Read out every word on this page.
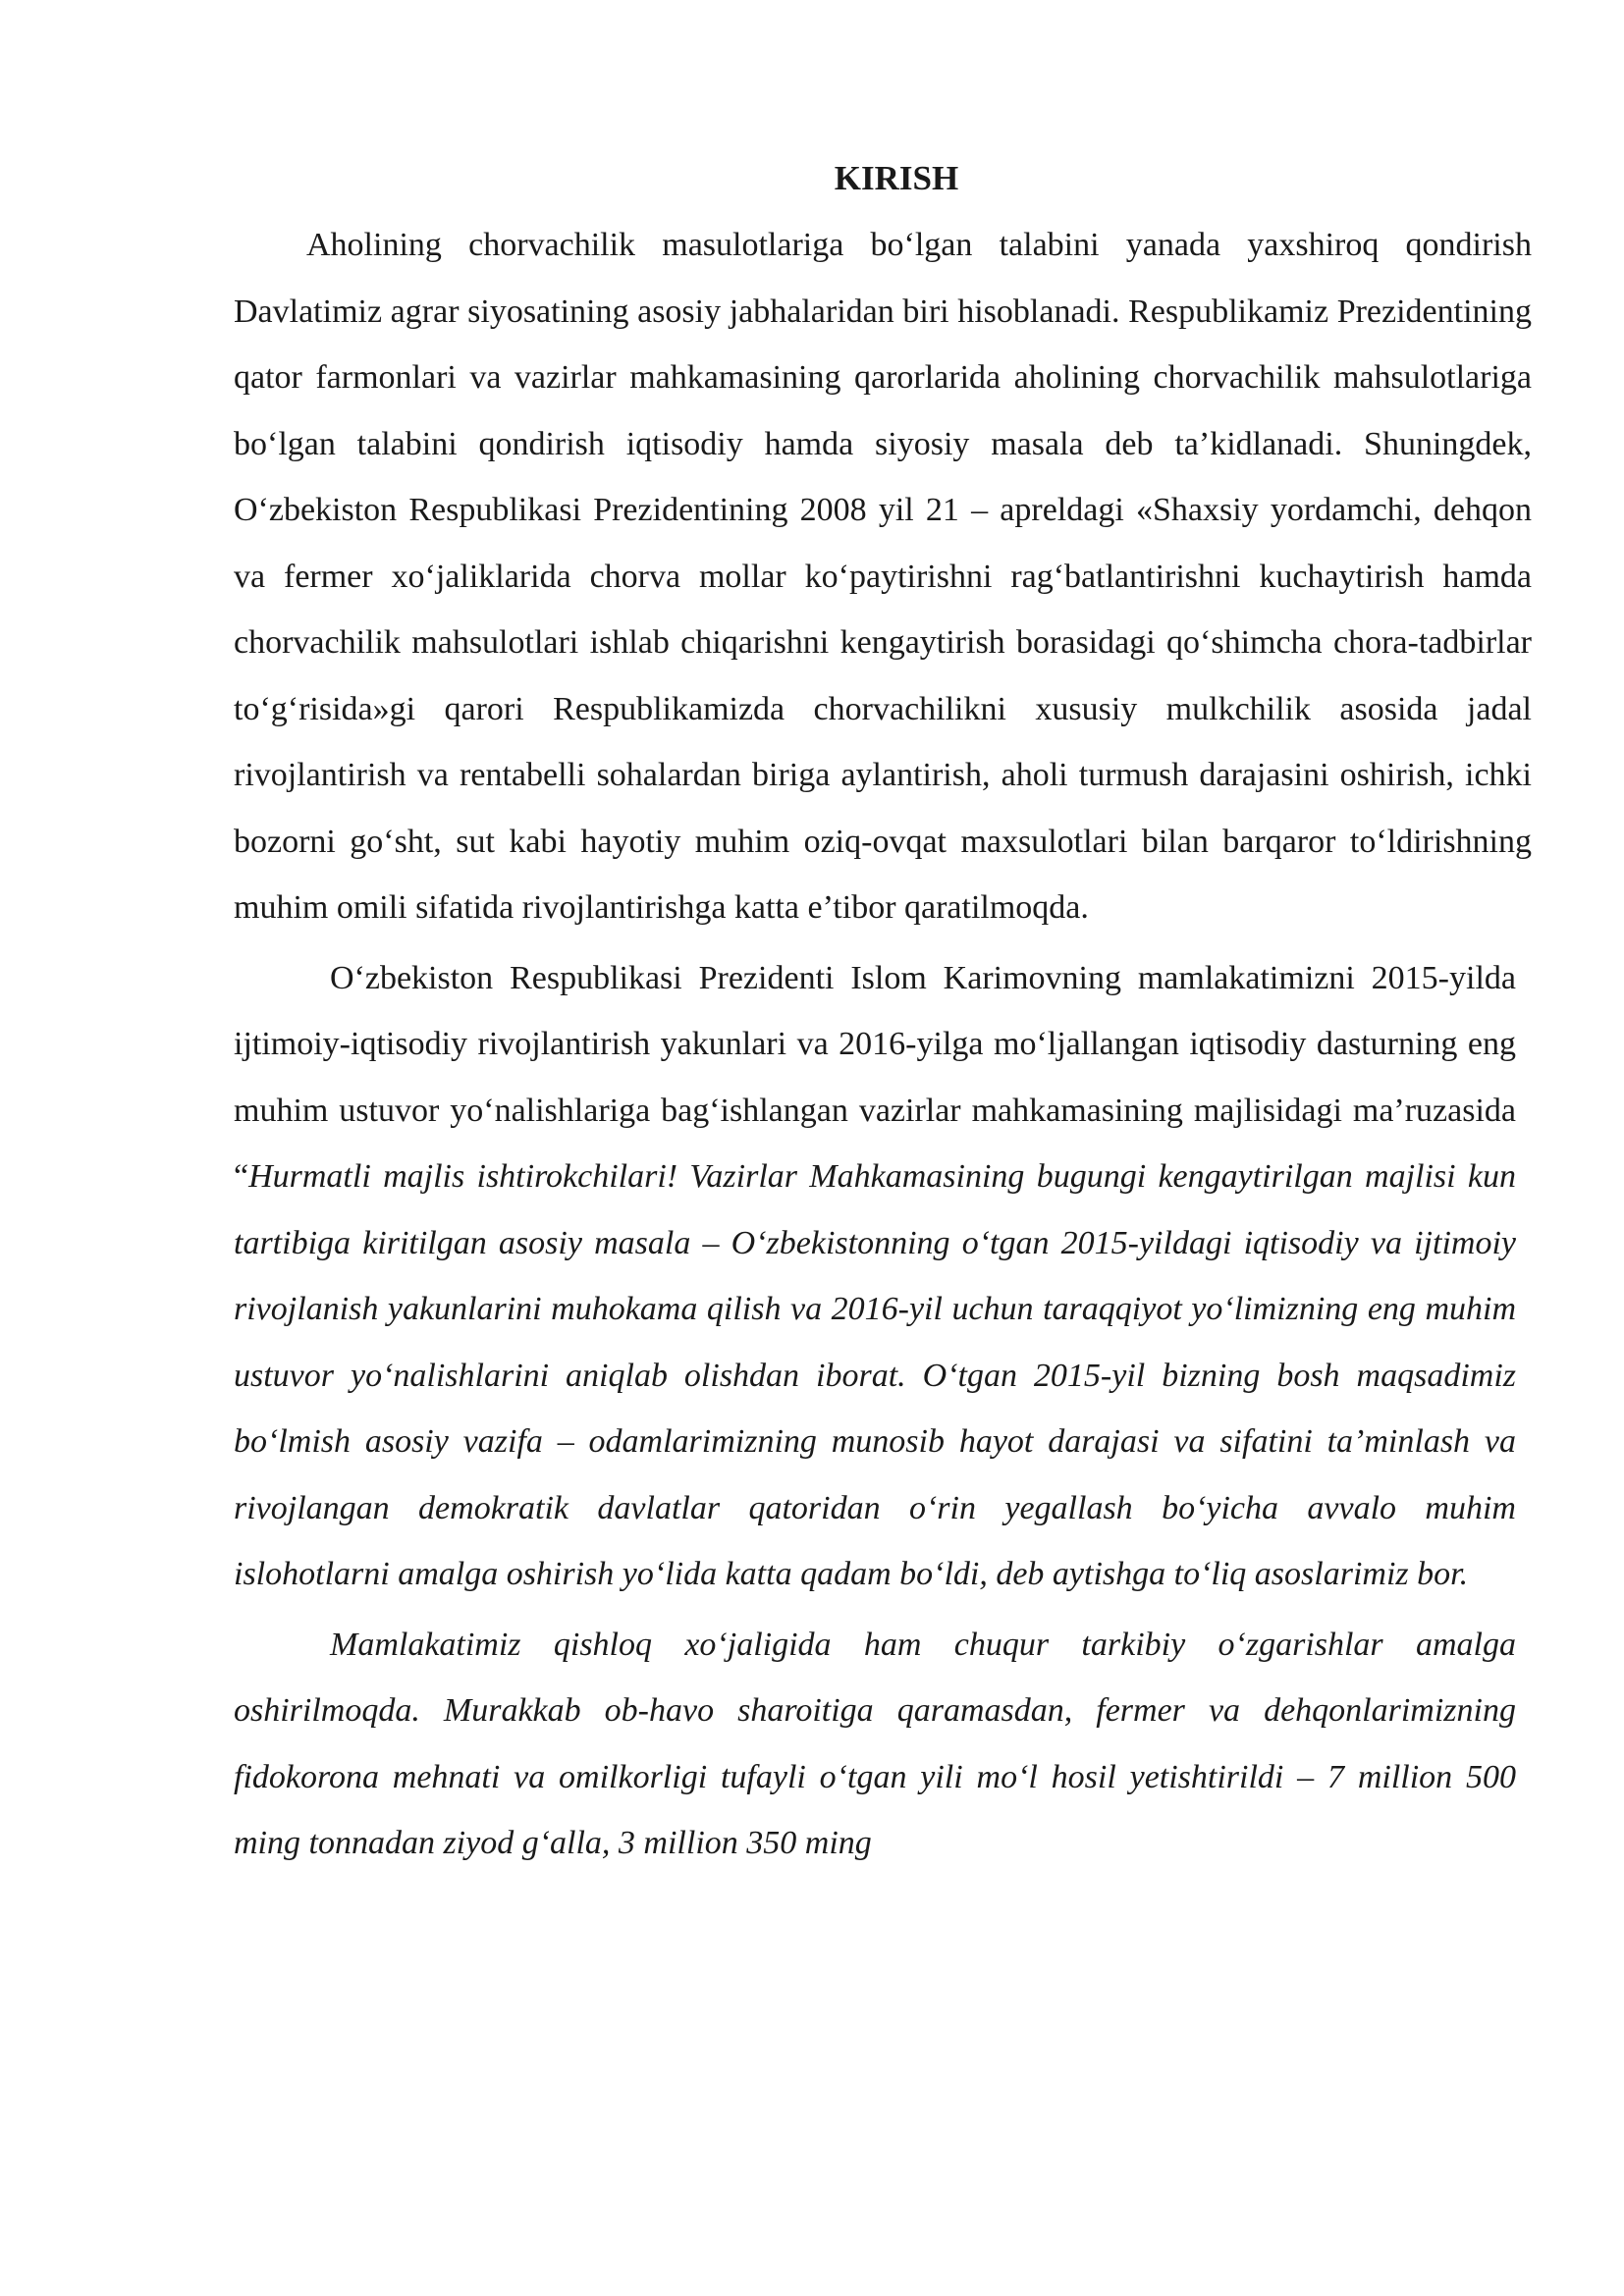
KIRISH

Aholining chorvachilik masulotlariga bo‘lgan talabini yanada yaxshiroq qondirish Davlatimiz agrar siyosatining asosiy jabhalaridan biri hisoblanadi. Respublikamiz Prezidentining qator farmonlari va vazirlar mahkamasining qarorlarida aholining chorvachilik mahsulotlariga bo‘lgan talabini qondirish iqtisodiy hamda siyosiy masala deb ta’kidlanadi. Shuningdek, O‘zbekiston Respublikasi Prezidentining 2008 yil 21 – apreldagi «Shaxsiy yordamchi, dehqon va fermer xo‘jaliklarida chorva mollar ko‘paytirishni rag‘batlantirishni kuchaytirish hamda chorvachilik mahsulotlari ishlab chiqarishni kengaytirish borasidagi qo‘shimcha chora-tadbirlar to‘g‘risida»gi qarori Respublikamizda chorvachilikni xususiy mulkchilik asosida jadal rivojlantirish va rentabelli sohalardan biriga aylantirish, aholi turmush darajasini oshirish, ichki bozorni go‘sht, sut kabi hayotiy muhim oziq-ovqat maxsulotlari bilan barqaror to‘ldirishning muhim omili sifatida rivojlantirishga katta e’tibor qaratilmoqda.

O‘zbekiston Respublikasi Prezidenti Islom Karimovning mamlakatimizni 2015-yilda ijtimoiy-iqtisodiy rivojlantirish yakunlari va 2016-yilga mo‘ljallangan iqtisodiy dasturning eng muhim ustuvor yo‘nalishlariga bag‘ishlangan vazirlar mahkamasining majlisidagi ma’ruzasida “Hurmatli majlis ishtirokchilari! Vazirlar Mahkamasining bugungi kengaytirilgan majlisi kun tartibiga kiritilgan asosiy masala – O‘zbekistonning o‘tgan 2015-yildagi iqtisodiy va ijtimoiy rivojlanish yakunlarini muhokama qilish va 2016-yil uchun taraqqiyot yo‘limizning eng muhim ustuvor yo‘nalishlarini aniqlab olishdan iborat. O‘tgan 2015-yil bizning bosh maqsadimiz bo‘lmish asosiy vazifa – odamlarimizning munosib hayot darajasi va sifatini ta’minlash va rivojlangan demokratik davlatlar qatoridan o‘rin yegallash bo‘yicha avvalo muhim islohotlarni amalga oshirish yo‘lida katta qadam bo‘ldi, deb aytishga to‘liq asoslarimiz bor.

Mamlakatimiz qishloq xo‘jaligida ham chuqur tarkibiy o‘zgarishlar amalga oshirilmoqda. Murakkab ob-havo sharoitiga qaramasdan, fermer va dehqonlarimizning fidokorona mehnati va omilkorligi tufayli o‘tgan yili mo‘l hosil yetishtirildi – 7 million 500 ming tonnadan ziyod g‘alla, 3 million 350 ming
